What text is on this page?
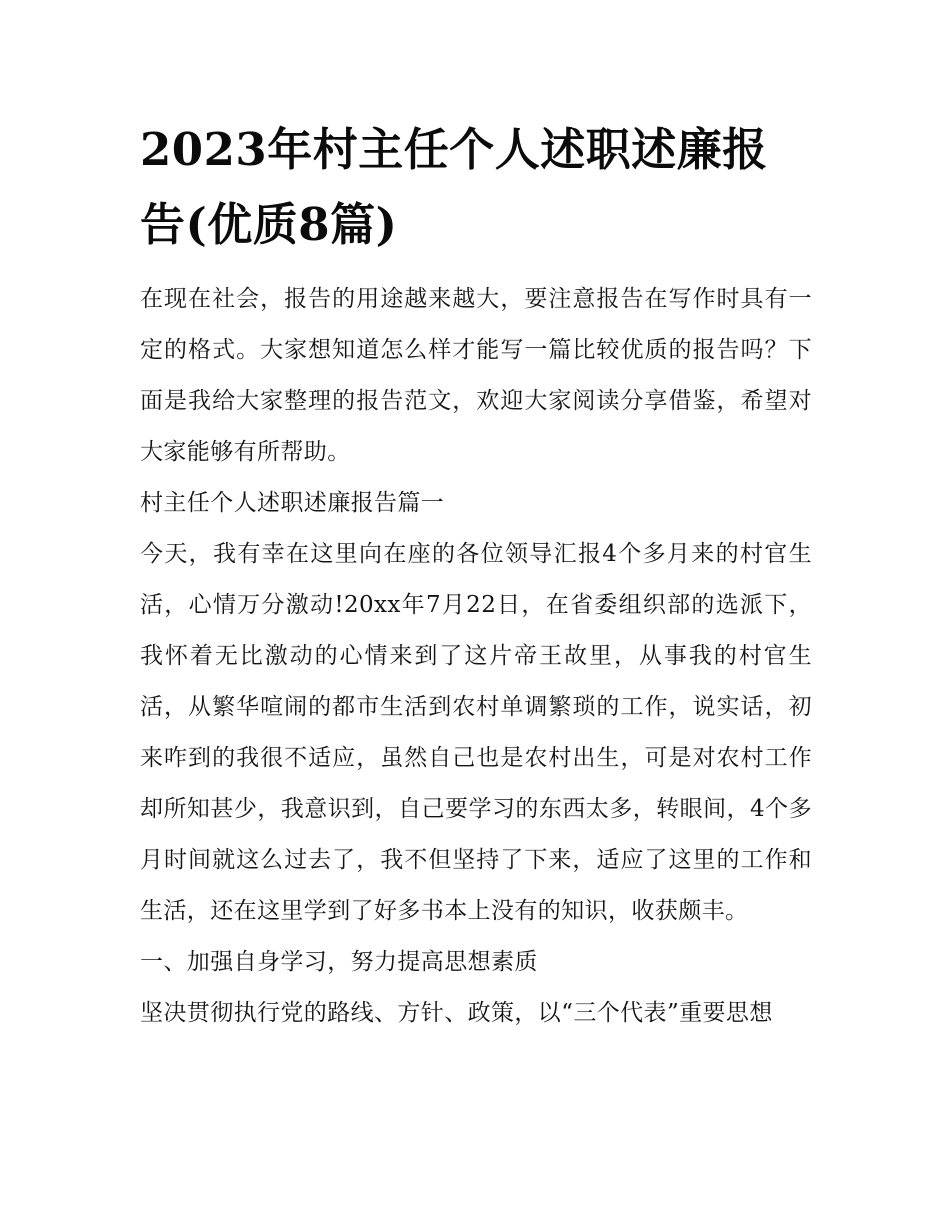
2023年村主任个人述职述廉报告(优质8篇)

在现在社会，报告的用途越来越大，要注意报告在写作时具有一定的格式。大家想知道怎么样才能写一篇比较优质的报告吗？下面是我给大家整理的报告范文，欢迎大家阅读分享借鉴，希望对大家能够有所帮助。

村主任个人述职述廉报告篇一

今天，我有幸在这里向在座的各位领导汇报4个多月来的村官生活，心情万分激动!20xx年7月22日，在省委组织部的选派下，我怀着无比激动的心情来到了这片帝王故里，从事我的村官生活，从繁华喧闹的都市生活到农村单调繁琐的工作，说实话，初来咋到的我很不适应，虽然自己也是农村出生，可是对农村工作却所知甚少，我意识到，自己要学习的东西太多，转眼间，4个多月时间就这么过去了，我不但坚持了下来，适应了这里的工作和生活，还在这里学到了好多书本上没有的知识，收获颇丰。

一、加强自身学习，努力提高思想素质

坚决贯彻执行党的路线、方针、政策，以“三个代表”重要思想
